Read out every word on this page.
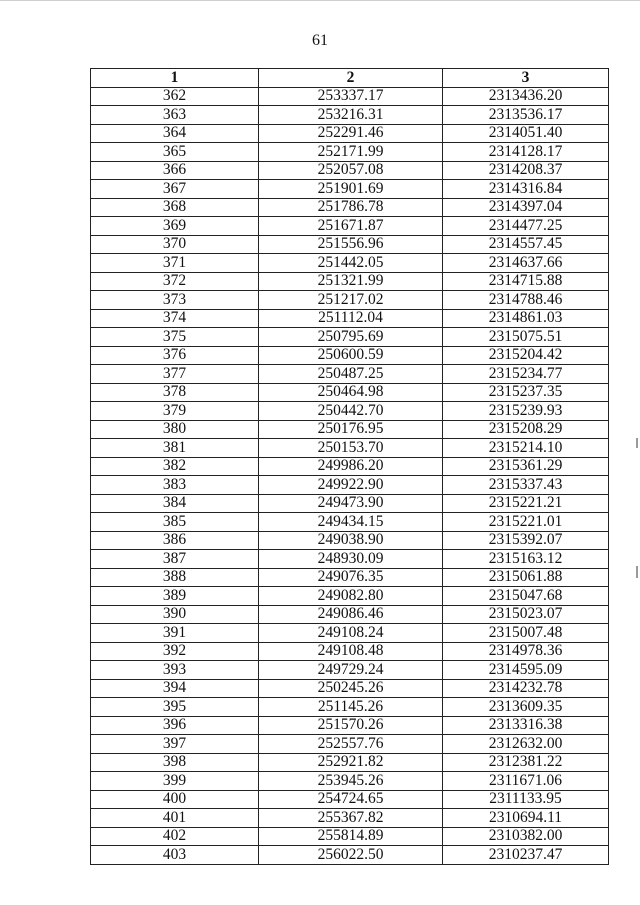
61
1	2	3
362	253337.17	2313436.20
363	253216.31	2313536.17
364	252291.46	2314051.40
365	252171.99	2314128.17
366	252057.08	2314208.37
367	251901.69	2314316.84
368	251786.78	2314397.04
369	251671.87	2314477.25
370	251556.96	2314557.45
371	251442.05	2314637.66
372	251321.99	2314715.88
373	251217.02	2314788.46
374	251112.04	2314861.03
375	250795.69	2315075.51
376	250600.59	2315204.42
377	250487.25	2315234.77
378	250464.98	2315237.35
379	250442.70	2315239.93
380	250176.95	2315208.29
381	250153.70	2315214.10
382	249986.20	2315361.29
383	249922.90	2315337.43
384	249473.90	2315221.21
385	249434.15	2315221.01
386	249038.90	2315392.07
387	248930.09	2315163.12
388	249076.35	2315061.88
389	249082.80	2315047.68
390	249086.46	2315023.07
391	249108.24	2315007.48
392	249108.48	2314978.36
393	249729.24	2314595.09
394	250245.26	2314232.78
395	251145.26	2313609.35
396	251570.26	2313316.38
397	252557.76	2312632.00
398	252921.82	2312381.22
399	253945.26	2311671.06
400	254724.65	2311133.95
401	255367.82	2310694.11
402	255814.89	2310382.00
403	256022.50	2310237.47
